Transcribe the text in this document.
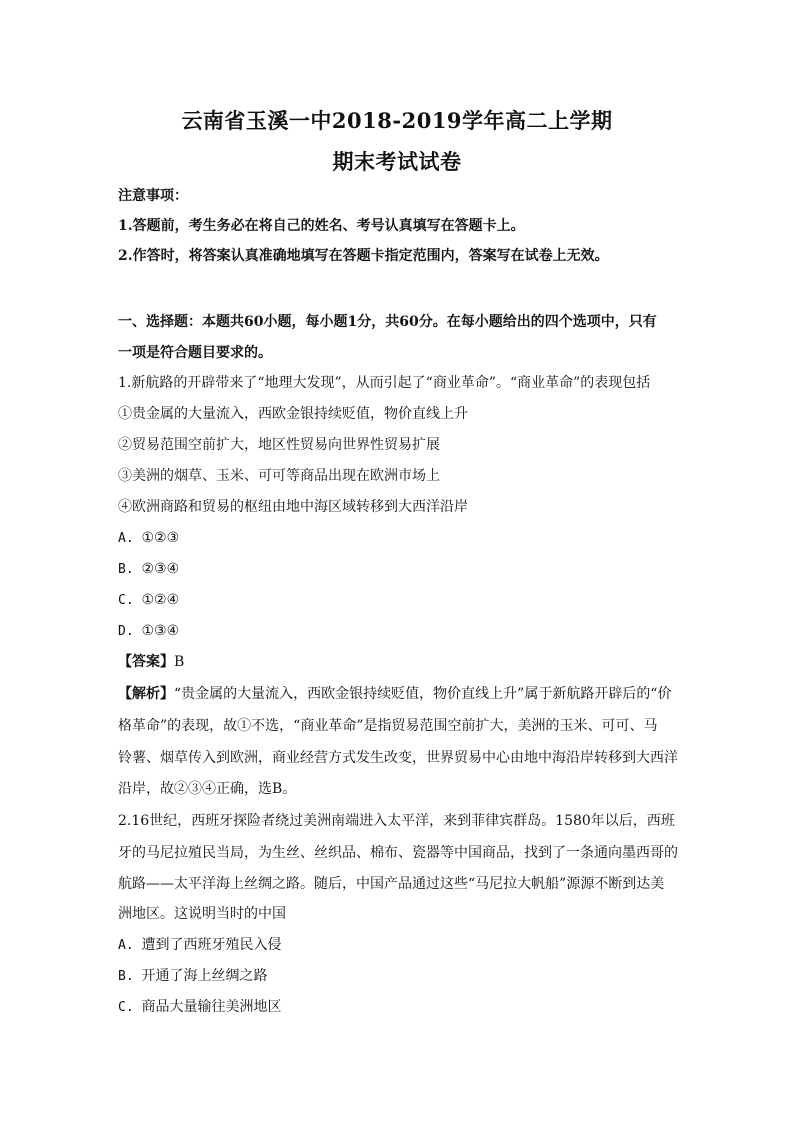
云南省玉溪一中2018-2019学年高二上学期
期末考试试卷
注意事项：
1.答题前，考生务必在将自己的姓名、考号认真填写在答题卡上。
2.作答时，将答案认真准确地填写在答题卡指定范围内，答案写在试卷上无效。
一、选择题：本题共60小题，每小题1分，共60分。在每小题给出的四个选项中，只有
一项是符合题目要求的。
1.新航路的开辟带来了“地理大发现”，从而引起了“商业革命”。“商业革命”的表现包括
①贵金属的大量流入，西欧金银持续贬值，物价直线上升
②贸易范围空前扩大，地区性贸易向世界性贸易扩展
③美洲的烟草、玉米、可可等商品出现在欧洲市场上
④欧洲商路和贸易的枢纽由地中海区域转移到大西洋沿岸
A. ①②③
B. ②③④
C. ①②④
D. ①③④
【答案】B
【解析】“贵金属的大量流入，西欧金银持续贬值，物价直线上升”属于新航路开辟后的“价
格革命”的表现，故①不选，“商业革命”是指贸易范围空前扩大，美洲的玉米、可可、马
铃薯、烟草传入到欧洲，商业经营方式发生改变，世界贸易中心由地中海沿岸转移到大西洋
沿岸，故②③④正确，选B。
2.16世纪，西班牙探险者绕过美洲南端进入太平洋，来到菲律宾群岛。1580年以后，西班
牙的马尼拉殖民当局，为生丝、丝织品、棉布、瓷器等中国商品，找到了一条通向墨西哥的
航路——太平洋海上丝绸之路。随后，中国产品通过这些“马尼拉大帆船”源源不断到达美
洲地区。这说明当时的中国
A. 遭到了西班牙殖民入侵
B. 开通了海上丝绸之路
C. 商品大量输往美洲地区
